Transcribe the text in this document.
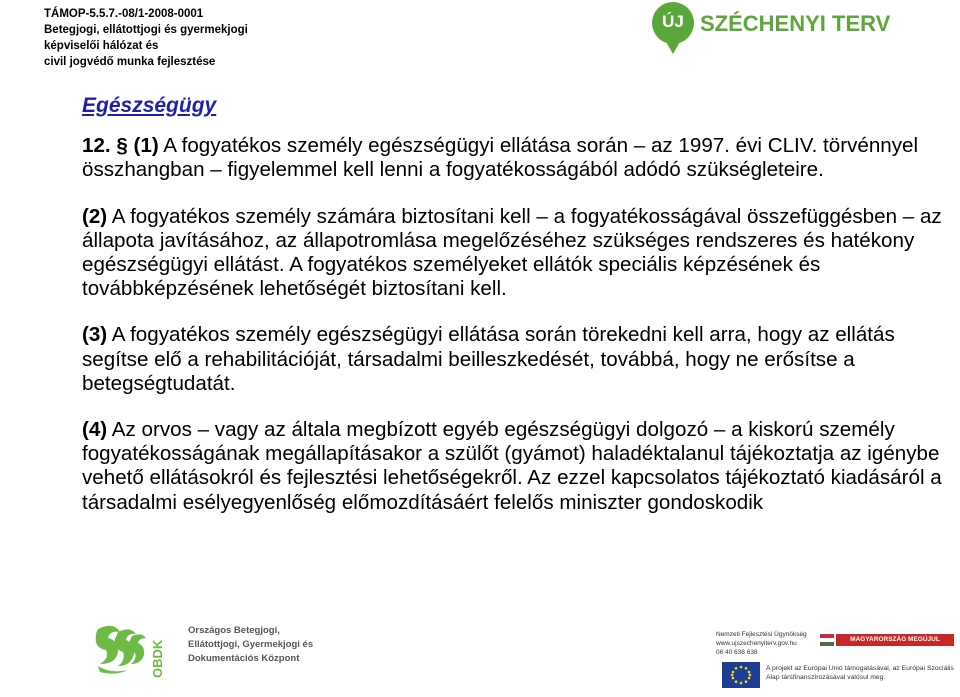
TÁMOP-5.5.7.-08/1-2008-0001
Betegjogi, ellátottjogi és gyermekjogi
képviselői hálózat és
civil jogvédő munka fejlesztése
ÚJ SZÉCHENYI TERV
Egészségügy
12. § (1) A fogyatékos személy egészségügyi ellátása során – az 1997. évi CLIV. törvénnyel összhangban – figyelemmel kell lenni a fogyatékosságából adódó szükségleteire.
(2) A fogyatékos személy számára biztosítani kell – a fogyatékosságával összefüggésben – az állapota javításához, az állapotromlása megelőzéséhez szükséges rendszeres és hatékony egészségügyi ellátást. A fogyatékos személyeket ellátók speciális képzésének és továbbképzésének lehetőségét biztosítani kell.
(3) A fogyatékos személy egészségügyi ellátása során törekedni kell arra, hogy az ellátás segítse elő a rehabilitációját, társadalmi beilleszkedését, továbbá, hogy ne erősítse a betegségtudatát.
(4) Az orvos – vagy az általa megbízott egyéb egészségügyi dolgozó – a kiskorú személy fogyatékosságának megállapításakor a szülőt (gyámot) haladéktalanul tájékoztatja az igénybe vehető ellátásokról és fejlesztési lehetőségekről. Az ezzel kapcsolatos tájékoztató kiadásáról a társadalmi esélyegyenlőség előmozdításáért felelős miniszter gondoskodik
OBDK
Országos Betegjogi,
Ellátottjogi, Gyermekjogi és
Dokumentációs Központ
Nemzeti Fejlesztési Ügynökség
www.ujszechenyiterv.gov.hu
06 40 638 638
MAGYARORSZÁG MEGÚJUL
A projekt az Európai Unió támogatásával, az Európai Szociális Alap társfinanszírozásával valósul meg.
